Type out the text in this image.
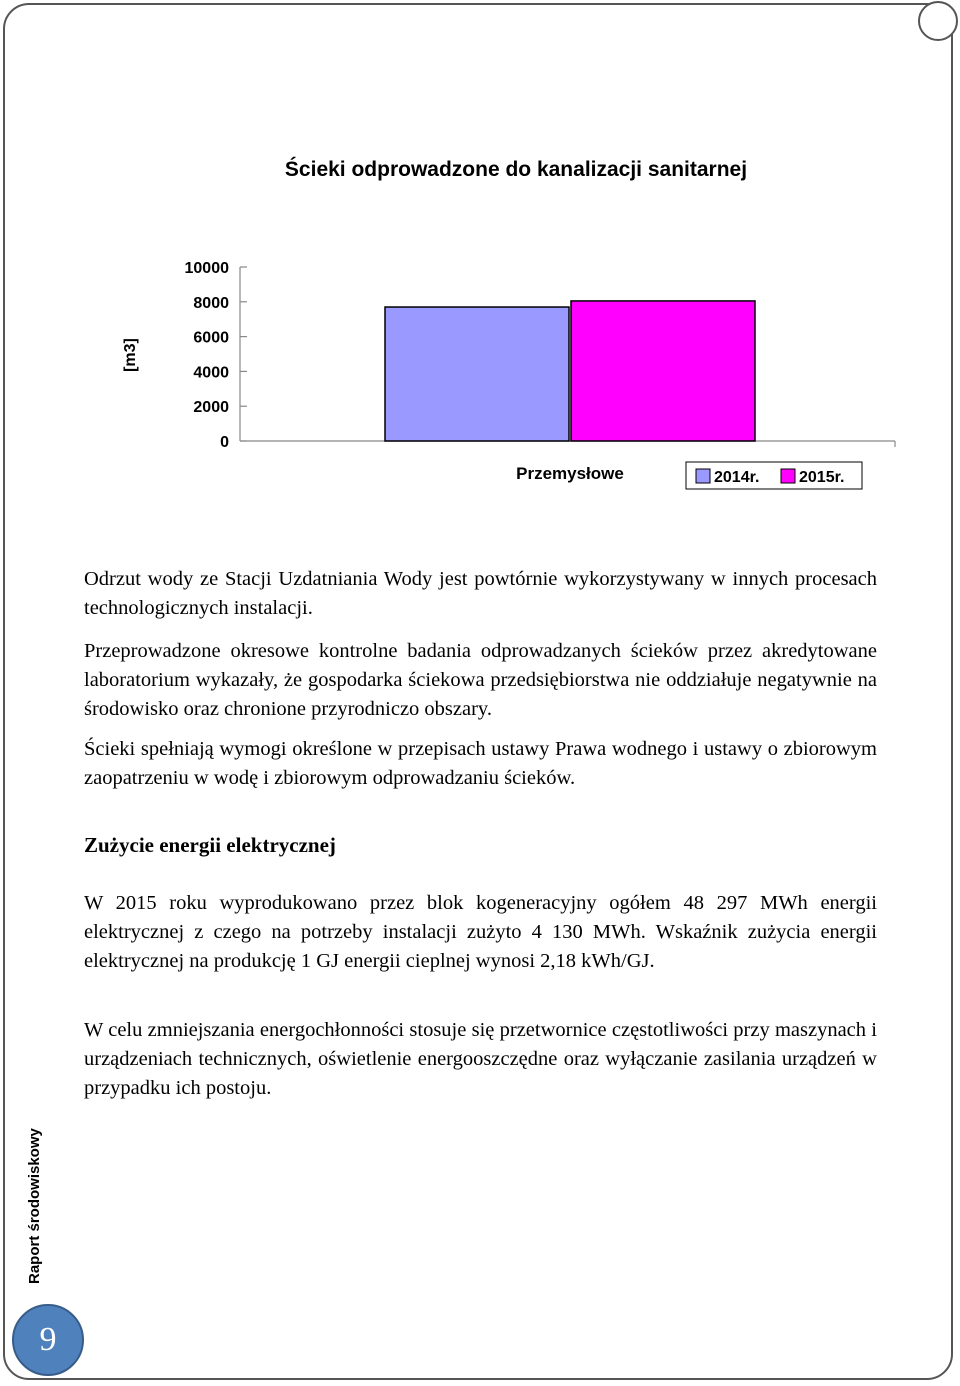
Ścieki odprowadzone do kanalizacji sanitarnej
10000
8000
6000
4000
2000
0
[m3]
Przemysłowe	2014r. 2015r.

Odrzut wody ze Stacji Uzdatniania Wody jest powtórnie wykorzystywany w innych procesach technologicznych instalacji.

Przeprowadzone okresowe kontrolne badania odprowadzanych ścieków przez akredytowane laboratorium wykazały, że gospodarka ściekowa przedsiębiorstwa nie oddziałuje negatywnie na środowisko oraz chronione przyrodniczo obszary.

Ścieki spełniają wymogi określone w przepisach ustawy Prawa wodnego i ustawy o zbiorowym zaopatrzeniu w wodę i zbiorowym odprowadzaniu ścieków.

Zużycie energii elektrycznej

W 2015 roku wyprodukowano przez blok kogeneracyjny ogółem 48 297 MWh energii elektrycznej z czego na potrzeby instalacji zużyto 4 130 MWh. Wskaźnik zużycia energii elektrycznej na produkcję 1 GJ energii cieplnej wynosi 2,18 kWh/GJ.

W celu zmniejszania energochłonności stosuje się przetwornice częstotliwości przy maszynach i urządzeniach technicznych, oświetlenie energooszczędne oraz wyłączanie zasilania urządzeń w przypadku ich postoju.

Raport środowiskowy
9
